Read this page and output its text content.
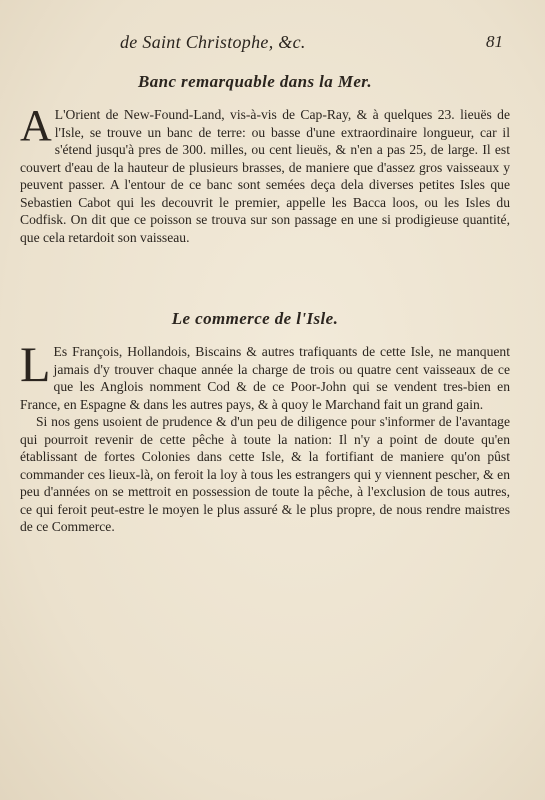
de Saint Christophe, &c.	81
Banc remarquable dans la Mer.

A L'Orient de New-Found-Land, vis-à-vis de Cap-Ray, & à quelques 23. lieuës de l'Isle, se trouve un banc de terre: ou basse d'une extraordinaire longueur, car il s'étend jusqu'à pres de 300. milles, ou cent lieuës, & n'en a pas 25, de large. Il est couvert d'eau de la hauteur de plusieurs brasses, de maniere que d'assez gros vaisseaux y peuvent passer. A l'entour de ce banc sont semées deça dela diverses petites Isles que Sebastien Cabot qui les decouvrit le premier, appelle les Bacca loos, ou les Isles du Codfisk. On dit que ce poisson se trouva sur son passage en une si prodigieuse quantité, que cela retardoit son vaisseau.

Le commerce de l'Isle.

L Es François, Hollandois, Biscains & autres trafiquants de cette Isle, ne manquent jamais d'y trouver chaque année la charge de trois ou quatre cent vaisseaux de ce que les Anglois nomment Cod & de ce Poor-John qui se vendent tres-bien en France, en Espagne & dans les autres pays, & à quoy le Marchand fait un grand gain.

Si nos gens usoient de prudence & d'un peu de diligence pour s'informer de l'avantage qui pourroit revenir de cette pêche à toute la nation: Il n'y a point de doute qu'en établissant de fortes Colonies dans cette Isle, & la fortifiant de maniere qu'on pûst commander ces lieux-là, on feroit la loy à tous les estrangers qui y viennent pescher, & en peu d'années on se mettroit en possession de toute la pêche, à l'exclusion de tous autres, ce qui feroit peut-estre le moyen le plus assuré & le plus propre, de nous rendre maistres de ce Commerce.
